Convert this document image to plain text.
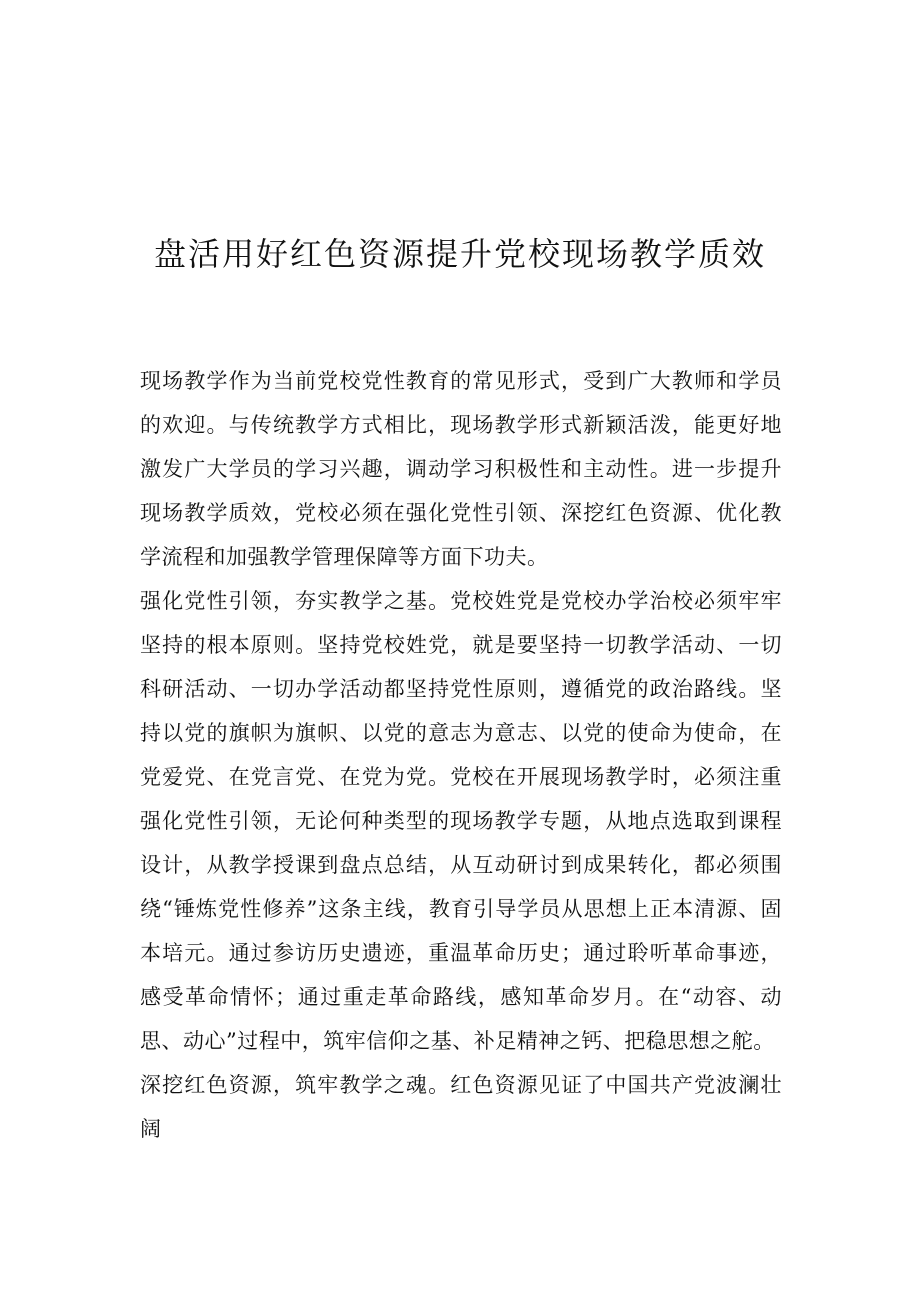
盘活用好红色资源提升党校现场教学质效

现场教学作为当前党校党性教育的常见形式，受到广大教师和学员的欢迎。与传统教学方式相比，现场教学形式新颖活泼，能更好地激发广大学员的学习兴趣，调动学习积极性和主动性。进一步提升现场教学质效，党校必须在强化党性引领、深挖红色资源、优化教学流程和加强教学管理保障等方面下功夫。

强化党性引领，夯实教学之基。党校姓党是党校办学治校必须牢牢坚持的根本原则。坚持党校姓党，就是要坚持一切教学活动、一切科研活动、一切办学活动都坚持党性原则，遵循党的政治路线。坚持以党的旗帜为旗帜、以党的意志为意志、以党的使命为使命，在党爱党、在党言党、在党为党。党校在开展现场教学时，必须注重强化党性引领，无论何种类型的现场教学专题，从地点选取到课程设计，从教学授课到盘点总结，从互动研讨到成果转化，都必须围绕“锤炼党性修养”这条主线，教育引导学员从思想上正本清源、固本培元。通过参访历史遗迹，重温革命历史；通过聆听革命事迹，感受革命情怀；通过重走革命路线，感知革命岁月。在“动容、动思、动心”过程中，筑牢信仰之基、补足精神之钙、把稳思想之舵。

深挖红色资源，筑牢教学之魂。红色资源见证了中国共产党波澜壮阔
